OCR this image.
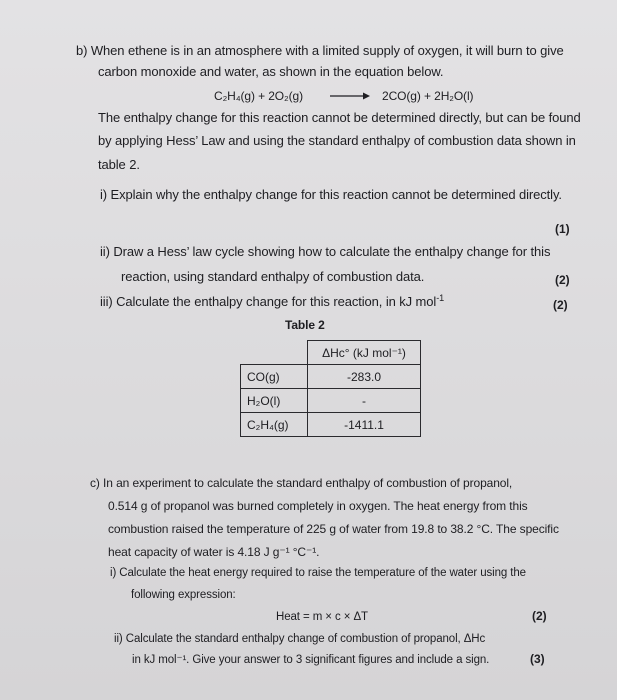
b) When ethene is in an atmosphere with a limited supply of oxygen, it will burn to give
carbon monoxide and water, as shown in the equation below.
C₂H₄(g) + 2O₂(g) → 2CO(g) + 2H₂O(l)
The enthalpy change for this reaction cannot be determined directly, but can be found
by applying Hess’ Law and using the standard enthalpy of combustion data shown in
table 2.
i) Explain why the enthalpy change for this reaction cannot be determined directly.
(1)
ii) Draw a Hess’ law cycle showing how to calculate the enthalpy change for this
reaction, using standard enthalpy of combustion data.	(2)
iii) Calculate the enthalpy change for this reaction, in kJ mol$^{-1}$	(2)
Table 2
	ΔHc° (kJ mol⁻¹)
CO(g)	-283.0
H₂O(l)	-
C₂H₄(g)	-1411.1
c) In an experiment to calculate the standard enthalpy of combustion of propanol,
0.514 g of propanol was burned completely in oxygen. The heat energy from this
combustion raised the temperature of 225 g of water from 19.8 to 38.2 °C. The specific
heat capacity of water is 4.18 J g⁻¹ °C⁻¹.
i) Calculate the heat energy required to raise the temperature of the water using the
following expression:
Heat = m × c × ΔT	(2)
ii) Calculate the standard enthalpy change of combustion of propanol, ΔHc
in kJ mol⁻¹. Give your answer to 3 significant figures and include a sign.	(3)
